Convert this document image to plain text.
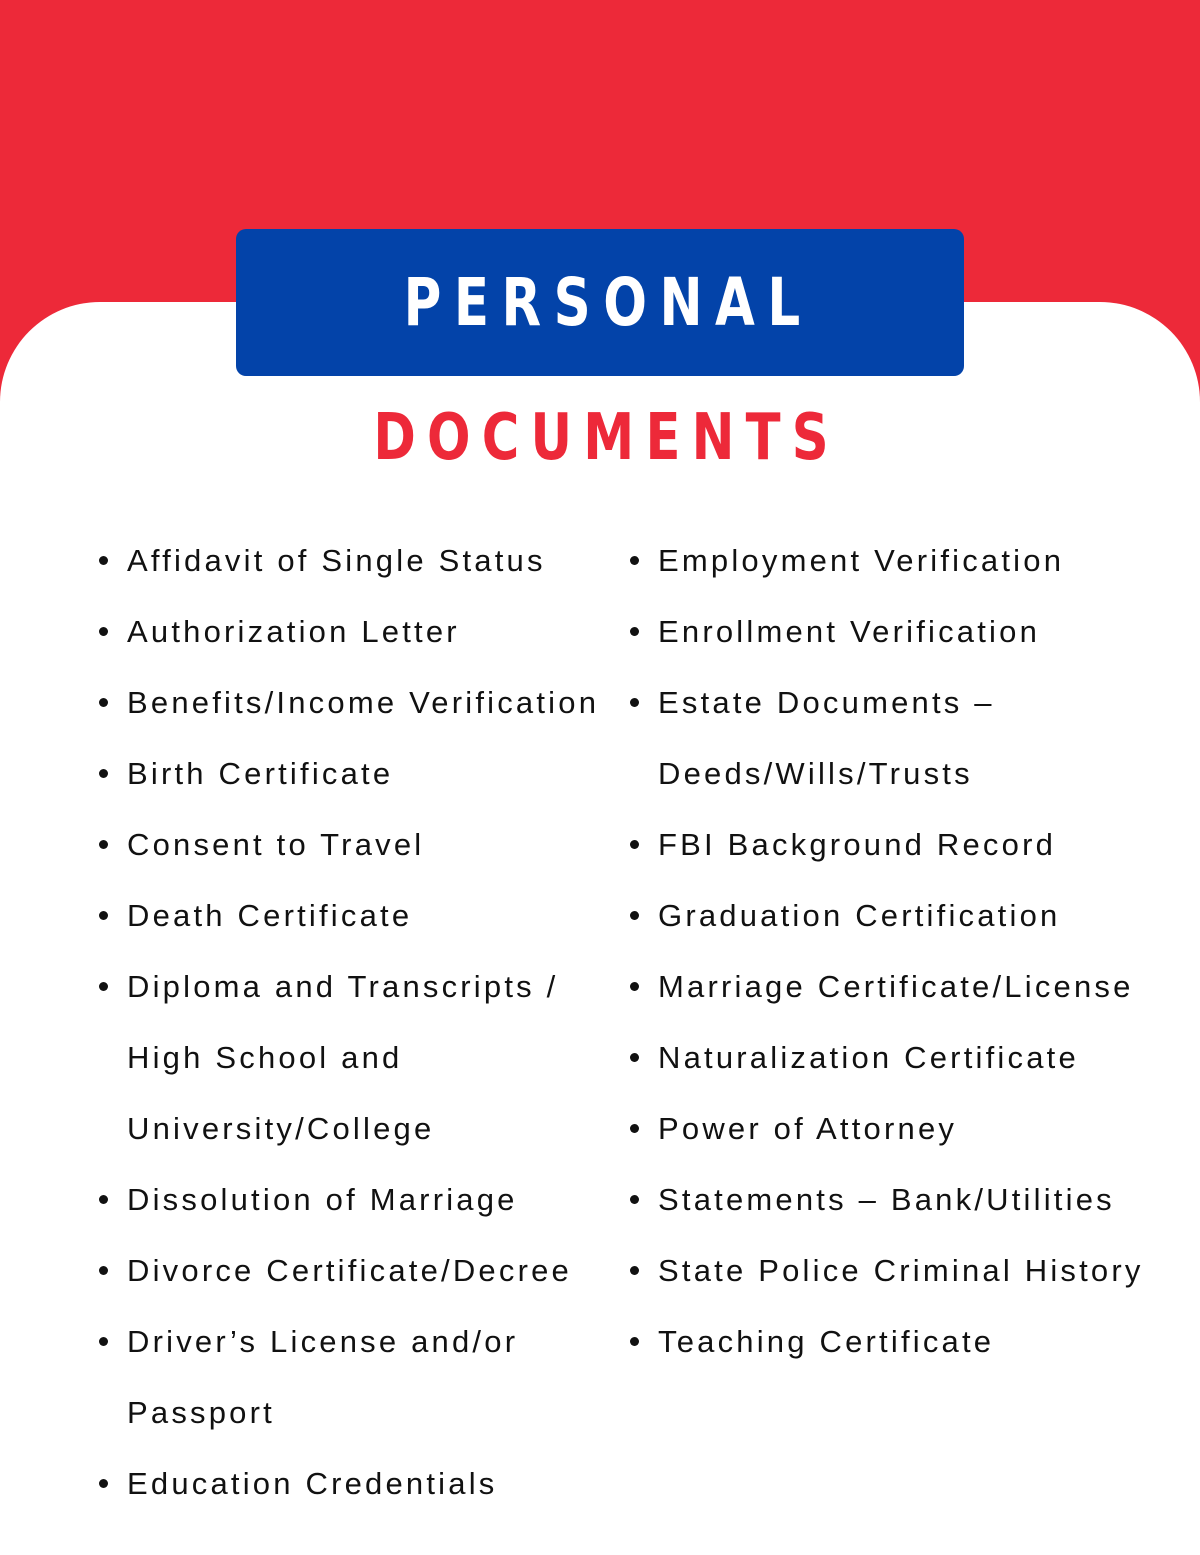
PERSONAL
DOCUMENTS
Affidavit of Single Status
Authorization Letter
Benefits/Income Verification
Birth Certificate
Consent to Travel
Death Certificate
Diploma and Transcripts /
High School and
University/College
Dissolution of Marriage
Divorce Certificate/Decree
Driver’s License and/or
Passport
Education Credentials
Employment Verification
Enrollment Verification
Estate Documents –
Deeds/Wills/Trusts
FBI Background Record
Graduation Certification
Marriage Certificate/License
Naturalization Certificate
Power of Attorney
Statements – Bank/Utilities
State Police Criminal History
Teaching Certificate
